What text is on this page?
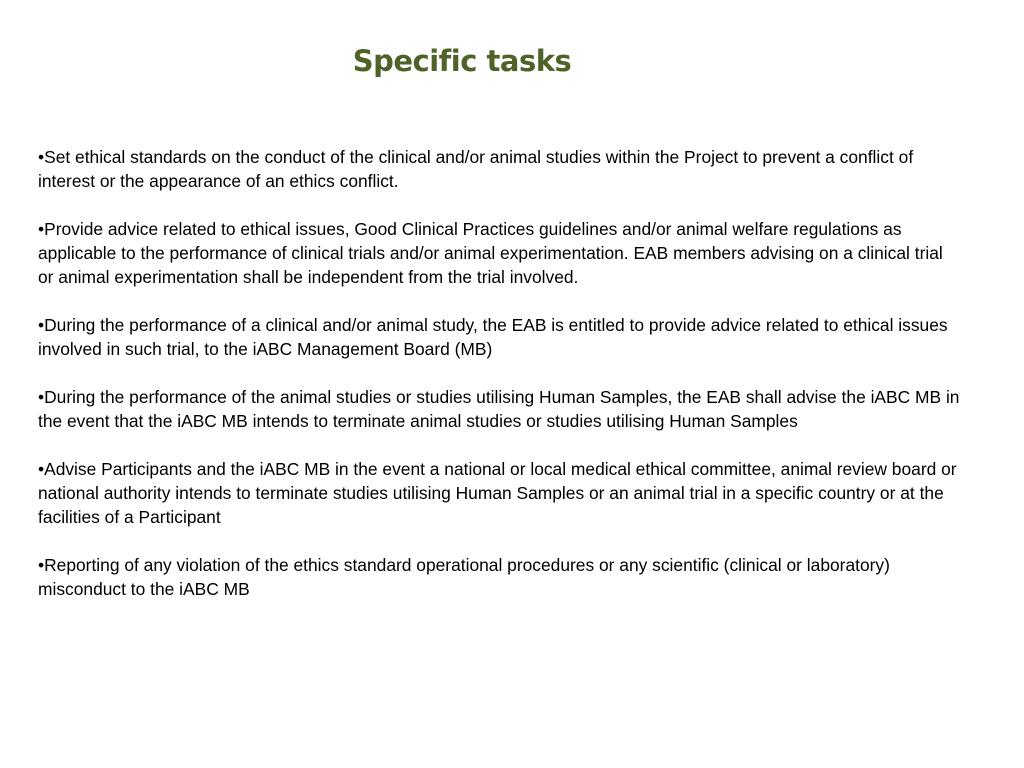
Specific tasks
•Set ethical standards on the conduct of the clinical and/or animal studies within the Project to prevent a conflict of interest or the appearance of an ethics conflict.
•Provide advice related to ethical issues, Good Clinical Practices guidelines and/or animal welfare regulations as applicable to the performance of clinical trials and/or animal experimentation. EAB members advising on a clinical trial or animal experimentation shall be independent from the trial involved.
•During the performance of a clinical and/or animal study, the EAB is entitled to provide advice related to ethical issues involved in such trial, to the iABC Management Board (MB)
•During the performance of the animal studies or studies utilising Human Samples, the EAB shall advise the iABC MB in the event that the iABC MB intends to terminate animal studies or studies utilising Human Samples
•Advise Participants and the iABC MB in the event a national or local medical ethical committee, animal review board or national authority intends to terminate studies utilising Human Samples or an animal trial in a specific country or at the facilities of a Participant
•Reporting of any violation of the ethics standard operational procedures or any scientific (clinical or laboratory) misconduct to the iABC MB
